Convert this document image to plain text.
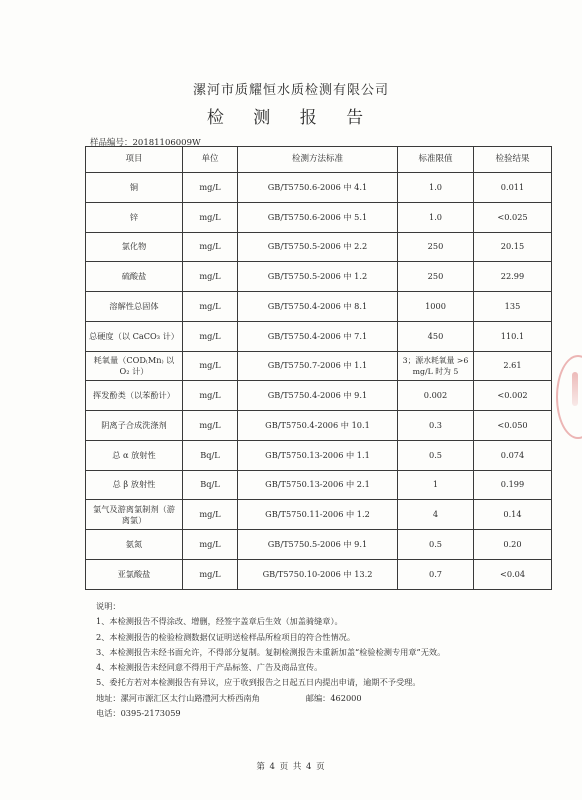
漯河市质耀恒水质检测有限公司
检 测 报 告
样品编号：20181106009W
项目	单位	检测方法标准	标准限值	检验结果
铜	mg/L	GB/T5750.6-2006 中 4.1	1.0	0.011
锌	mg/L	GB/T5750.6-2006 中 5.1	1.0	<0.025
氯化物	mg/L	GB/T5750.5-2006 中 2.2	250	20.15
硫酸盐	mg/L	GB/T5750.5-2006 中 1.2	250	22.99
溶解性总固体	mg/L	GB/T5750.4-2006 中 8.1	1000	135
总硬度（以 CaCO₃ 计）	mg/L	GB/T5750.4-2006 中 7.1	450	110.1
耗氧量（COD₍Mn₎ 以 O₂ 计）	mg/L	GB/T5750.7-2006 中 1.1	3；源水耗氧量 >6 mg/L 时为 5	2.61
挥发酚类（以苯酚计）	mg/L	GB/T5750.4-2006 中 9.1	0.002	<0.002
阴离子合成洗涤剂	mg/L	GB/T5750.4-2006 中 10.1	0.3	<0.050
总 α 放射性	Bq/L	GB/T5750.13-2006 中 1.1	0.5	0.074
总 β 放射性	Bq/L	GB/T5750.13-2006 中 2.1	1	0.199
氯气及游离氯制剂（游离氯）	mg/L	GB/T5750.11-2006 中 1.2	4	0.14
氨氮	mg/L	GB/T5750.5-2006 中 9.1	0.5	0.20
亚氯酸盐	mg/L	GB/T5750.10-2006 中 13.2	0.7	<0.04
说明：
1、本检测报告不得涂改、增删，经签字盖章后生效（加盖骑缝章）。
2、本检测报告的检验检测数据仅证明送检样品所检项目的符合性情况。
3、本检测报告未经书面允许，不得部分复制。复制检测报告未重新加盖“检验检测专用章”无效。
4、本检测报告未经同意不得用于产品标签、广告及商品宣传。
5、委托方若对本检测报告有异议，应于收到报告之日起五日内提出申请，逾期不予受理。
地址：漯河市源汇区太行山路澧河大桥西南角	邮编：462000
电话：0395-2173059
第 4 页 共 4 页
